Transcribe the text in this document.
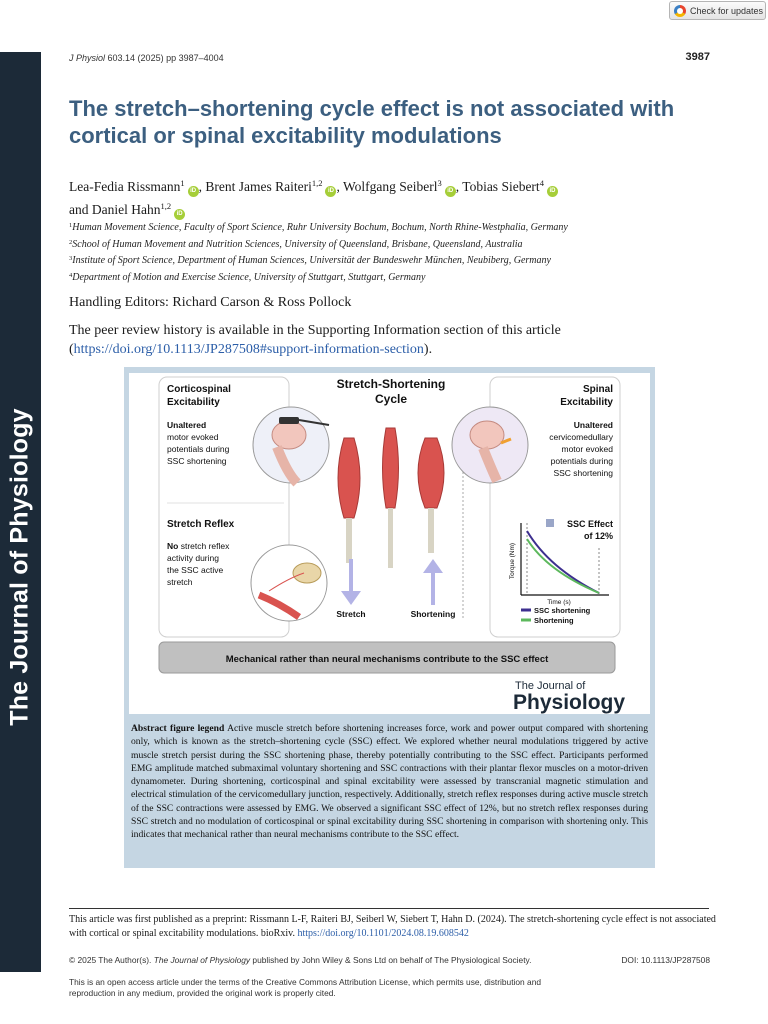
Check for updates
The Journal of Physiology
J Physiol 603.14 (2025) pp 3987–4004	3987
The stretch–shortening cycle effect is not associated with cortical or spinal excitability modulations
Lea-Fedia Rissmann$^1$iD , Brent James Raiteri$^{1,2}$iD , Wolfgang Seiberl$^3$iD , Tobias Siebert$^4$iD
and Daniel Hahn$^{1,2}$iD
$^1$Human Movement Science, Faculty of Sport Science, Ruhr University Bochum, Bochum, North Rhine-Westphalia, Germany
$^2$School of Human Movement and Nutrition Sciences, University of Queensland, Brisbane, Queensland, Australia
$^3$Institute of Sport Science, Department of Human Sciences, Universität der Bundeswehr München, Neubiberg, Germany
$^4$Department of Motion and Exercise Science, University of Stuttgart, Stuttgart, Germany
Handling Editors: Richard Carson & Ross Pollock
The peer review history is available in the Supporting Information section of this article
(https://doi.org/10.1113/JP287508#support-information-section).
Corticospinal
Excitability
Unaltered
motor evoked
potentials during
SSC shortening
Stretch Reflex
No stretch reflex
activity during
the SSC active
stretch
Stretch-Shortening
Cycle
Stretch	Shortening
Spinal
Excitability
Unaltered
cervicomedullary
motor evoked
potentials during
SSC shortening
SSC Effect
of 12%
Torque (Nm)
Time (s)
SSC shortening
Shortening
Mechanical rather than neural mechanisms contribute to the SSC effect
The Journal of
Physiology
Abstract figure legend Active muscle stretch before shortening increases force, work and power output compared with shortening only, which is known as the stretch–shortening cycle (SSC) effect. We explored whether neural modulations triggered by active muscle stretch persist during the SSC shortening phase, thereby potentially contributing to the SSC effect. Participants performed EMG amplitude matched submaximal voluntary shortening and SSC contractions with their plantar flexor muscles on a motor-driven dynamometer. During shortening, corticospinal and spinal excitability were assessed by transcranial magnetic stimulation and electrical stimulation of the cervicomedullary junction, respectively. Additionally, stretch reflex responses during active muscle stretch of the SSC contractions were assessed by EMG. We observed a significant SSC effect of 12%, but no stretch reflex responses during SSC stretch and no modulation of corticospinal or spinal excitability during SSC shortening in comparison with shortening only. This indicates that mechanical rather than neural mechanisms contribute to the SSC effect.
This article was first published as a preprint: Rissmann L-F, Raiteri BJ, Seiberl W, Siebert T, Hahn D. (2024). The stretch-shortening cycle effect is not associated with cortical or spinal excitability modulations. bioRxiv. https://doi.org/10.1101/2024.08.19.608542
© 2025 The Author(s). The Journal of Physiology published by John Wiley & Sons Ltd on behalf of The Physiological Society.	DOI: 10.1113/JP287508
This is an open access article under the terms of the Creative Commons Attribution License, which permits use, distribution and reproduction in any medium, provided the original work is properly cited.
